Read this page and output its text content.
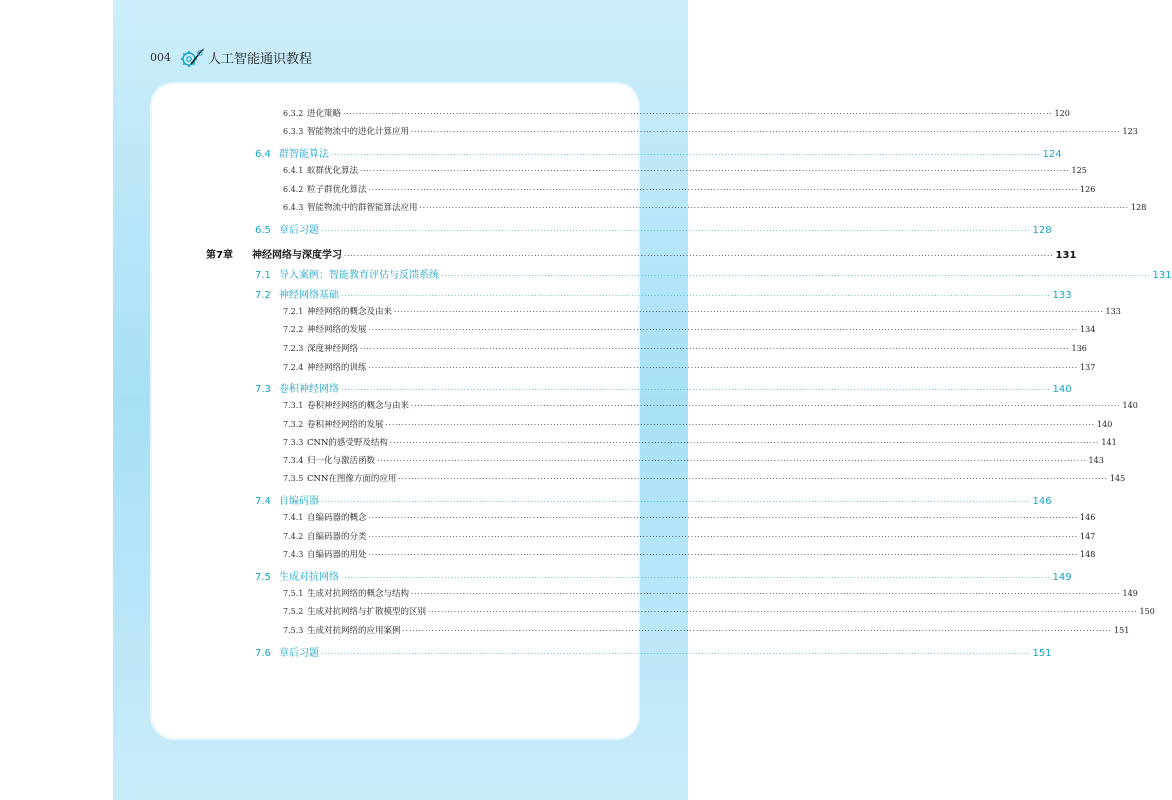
004	人工智能通识教程
6.3.2 进化策略 ···························································································································································································································· 120
6.3.3 智能物流中的进化计算应用 ···························································································································································································································· 123
6.4 群智能算法 ···························································································································································································································· 124
6.4.1 蚁群优化算法 ···························································································································································································································· 125
6.4.2 粒子群优化算法 ···························································································································································································································· 126
6.4.3 智能物流中的群智能算法应用 ···························································································································································································································· 128
6.5 章后习题 ···························································································································································································································· 128
第7章	神经网络与深度学习 ···························································································································································································································· 131
7.1 导入案例：智能教育评估与反馈系统 ···························································································································································································································· 131
7.2 神经网络基础 ···························································································································································································································· 133
7.2.1 神经网络的概念及由来 ···························································································································································································································· 133
7.2.2 神经网络的发展 ···························································································································································································································· 134
7.2.3 深度神经网络 ···························································································································································································································· 136
7.2.4 神经网络的训练 ···························································································································································································································· 137
7.3 卷积神经网络 ···························································································································································································································· 140
7.3.1 卷积神经网络的概念与由来 ···························································································································································································································· 140
7.3.2 卷积神经网络的发展 ···························································································································································································································· 140
7.3.3 CNN的感受野及结构 ···························································································································································································································· 141
7.3.4 归一化与激活函数 ···························································································································································································································· 143
7.3.5 CNN在图像方面的应用 ···························································································································································································································· 145
7.4 自编码器 ···························································································································································································································· 146
7.4.1 自编码器的概念 ···························································································································································································································· 146
7.4.2 自编码器的分类 ···························································································································································································································· 147
7.4.3 自编码器的用处 ···························································································································································································································· 148
7.5 生成对抗网络 ···························································································································································································································· 149
7.5.1 生成对抗网络的概念与结构 ···························································································································································································································· 149
7.5.2 生成对抗网络与扩散模型的区别 ···························································································································································································································· 150
7.5.3 生成对抗网络的应用案例 ···························································································································································································································· 151
7.6 章后习题 ···························································································································································································································· 151
